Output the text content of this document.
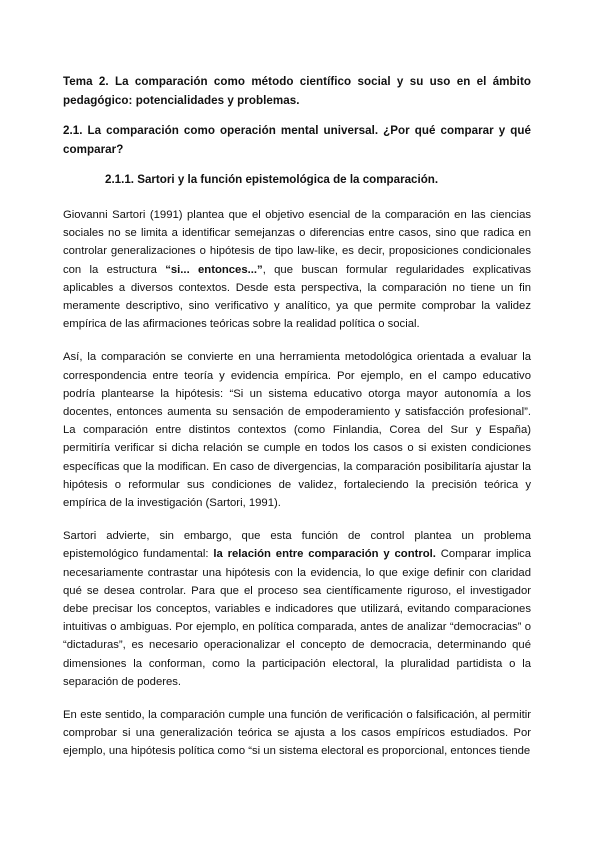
Tema 2. La comparación como método científico social y su uso en el ámbito pedagógico: potencialidades y problemas.
2.1. La comparación como operación mental universal. ¿Por qué comparar y qué comparar?
2.1.1. Sartori y la función epistemológica de la comparación.

Giovanni Sartori (1991) plantea que el objetivo esencial de la comparación en las ciencias sociales no se limita a identificar semejanzas o diferencias entre casos, sino que radica en controlar generalizaciones o hipótesis de tipo law-like, es decir, proposiciones condicionales con la estructura “si... entonces...”, que buscan formular regularidades explicativas aplicables a diversos contextos. Desde esta perspectiva, la comparación no tiene un fin meramente descriptivo, sino verificativo y analítico, ya que permite comprobar la validez empírica de las afirmaciones teóricas sobre la realidad política o social.

Así, la comparación se convierte en una herramienta metodológica orientada a evaluar la correspondencia entre teoría y evidencia empírica. Por ejemplo, en el campo educativo podría plantearse la hipótesis: “Si un sistema educativo otorga mayor autonomía a los docentes, entonces aumenta su sensación de empoderamiento y satisfacción profesional”. La comparación entre distintos contextos (como Finlandia, Corea del Sur y España) permitiría verificar si dicha relación se cumple en todos los casos o si existen condiciones específicas que la modifican. En caso de divergencias, la comparación posibilitaría ajustar la hipótesis o reformular sus condiciones de validez, fortaleciendo la precisión teórica y empírica de la investigación (Sartori, 1991).

Sartori advierte, sin embargo, que esta función de control plantea un problema epistemológico fundamental: la relación entre comparación y control. Comparar implica necesariamente contrastar una hipótesis con la evidencia, lo que exige definir con claridad qué se desea controlar. Para que el proceso sea científicamente riguroso, el investigador debe precisar los conceptos, variables e indicadores que utilizará, evitando comparaciones intuitivas o ambiguas. Por ejemplo, en política comparada, antes de analizar “democracias” o “dictaduras”, es necesario operacionalizar el concepto de democracia, determinando qué dimensiones la conforman, como la participación electoral, la pluralidad partidista o la separación de poderes.

En este sentido, la comparación cumple una función de verificación o falsificación, al permitir comprobar si una generalización teórica se ajusta a los casos empíricos estudiados. Por ejemplo, una hipótesis política como “si un sistema electoral es proporcional, entonces tiende
